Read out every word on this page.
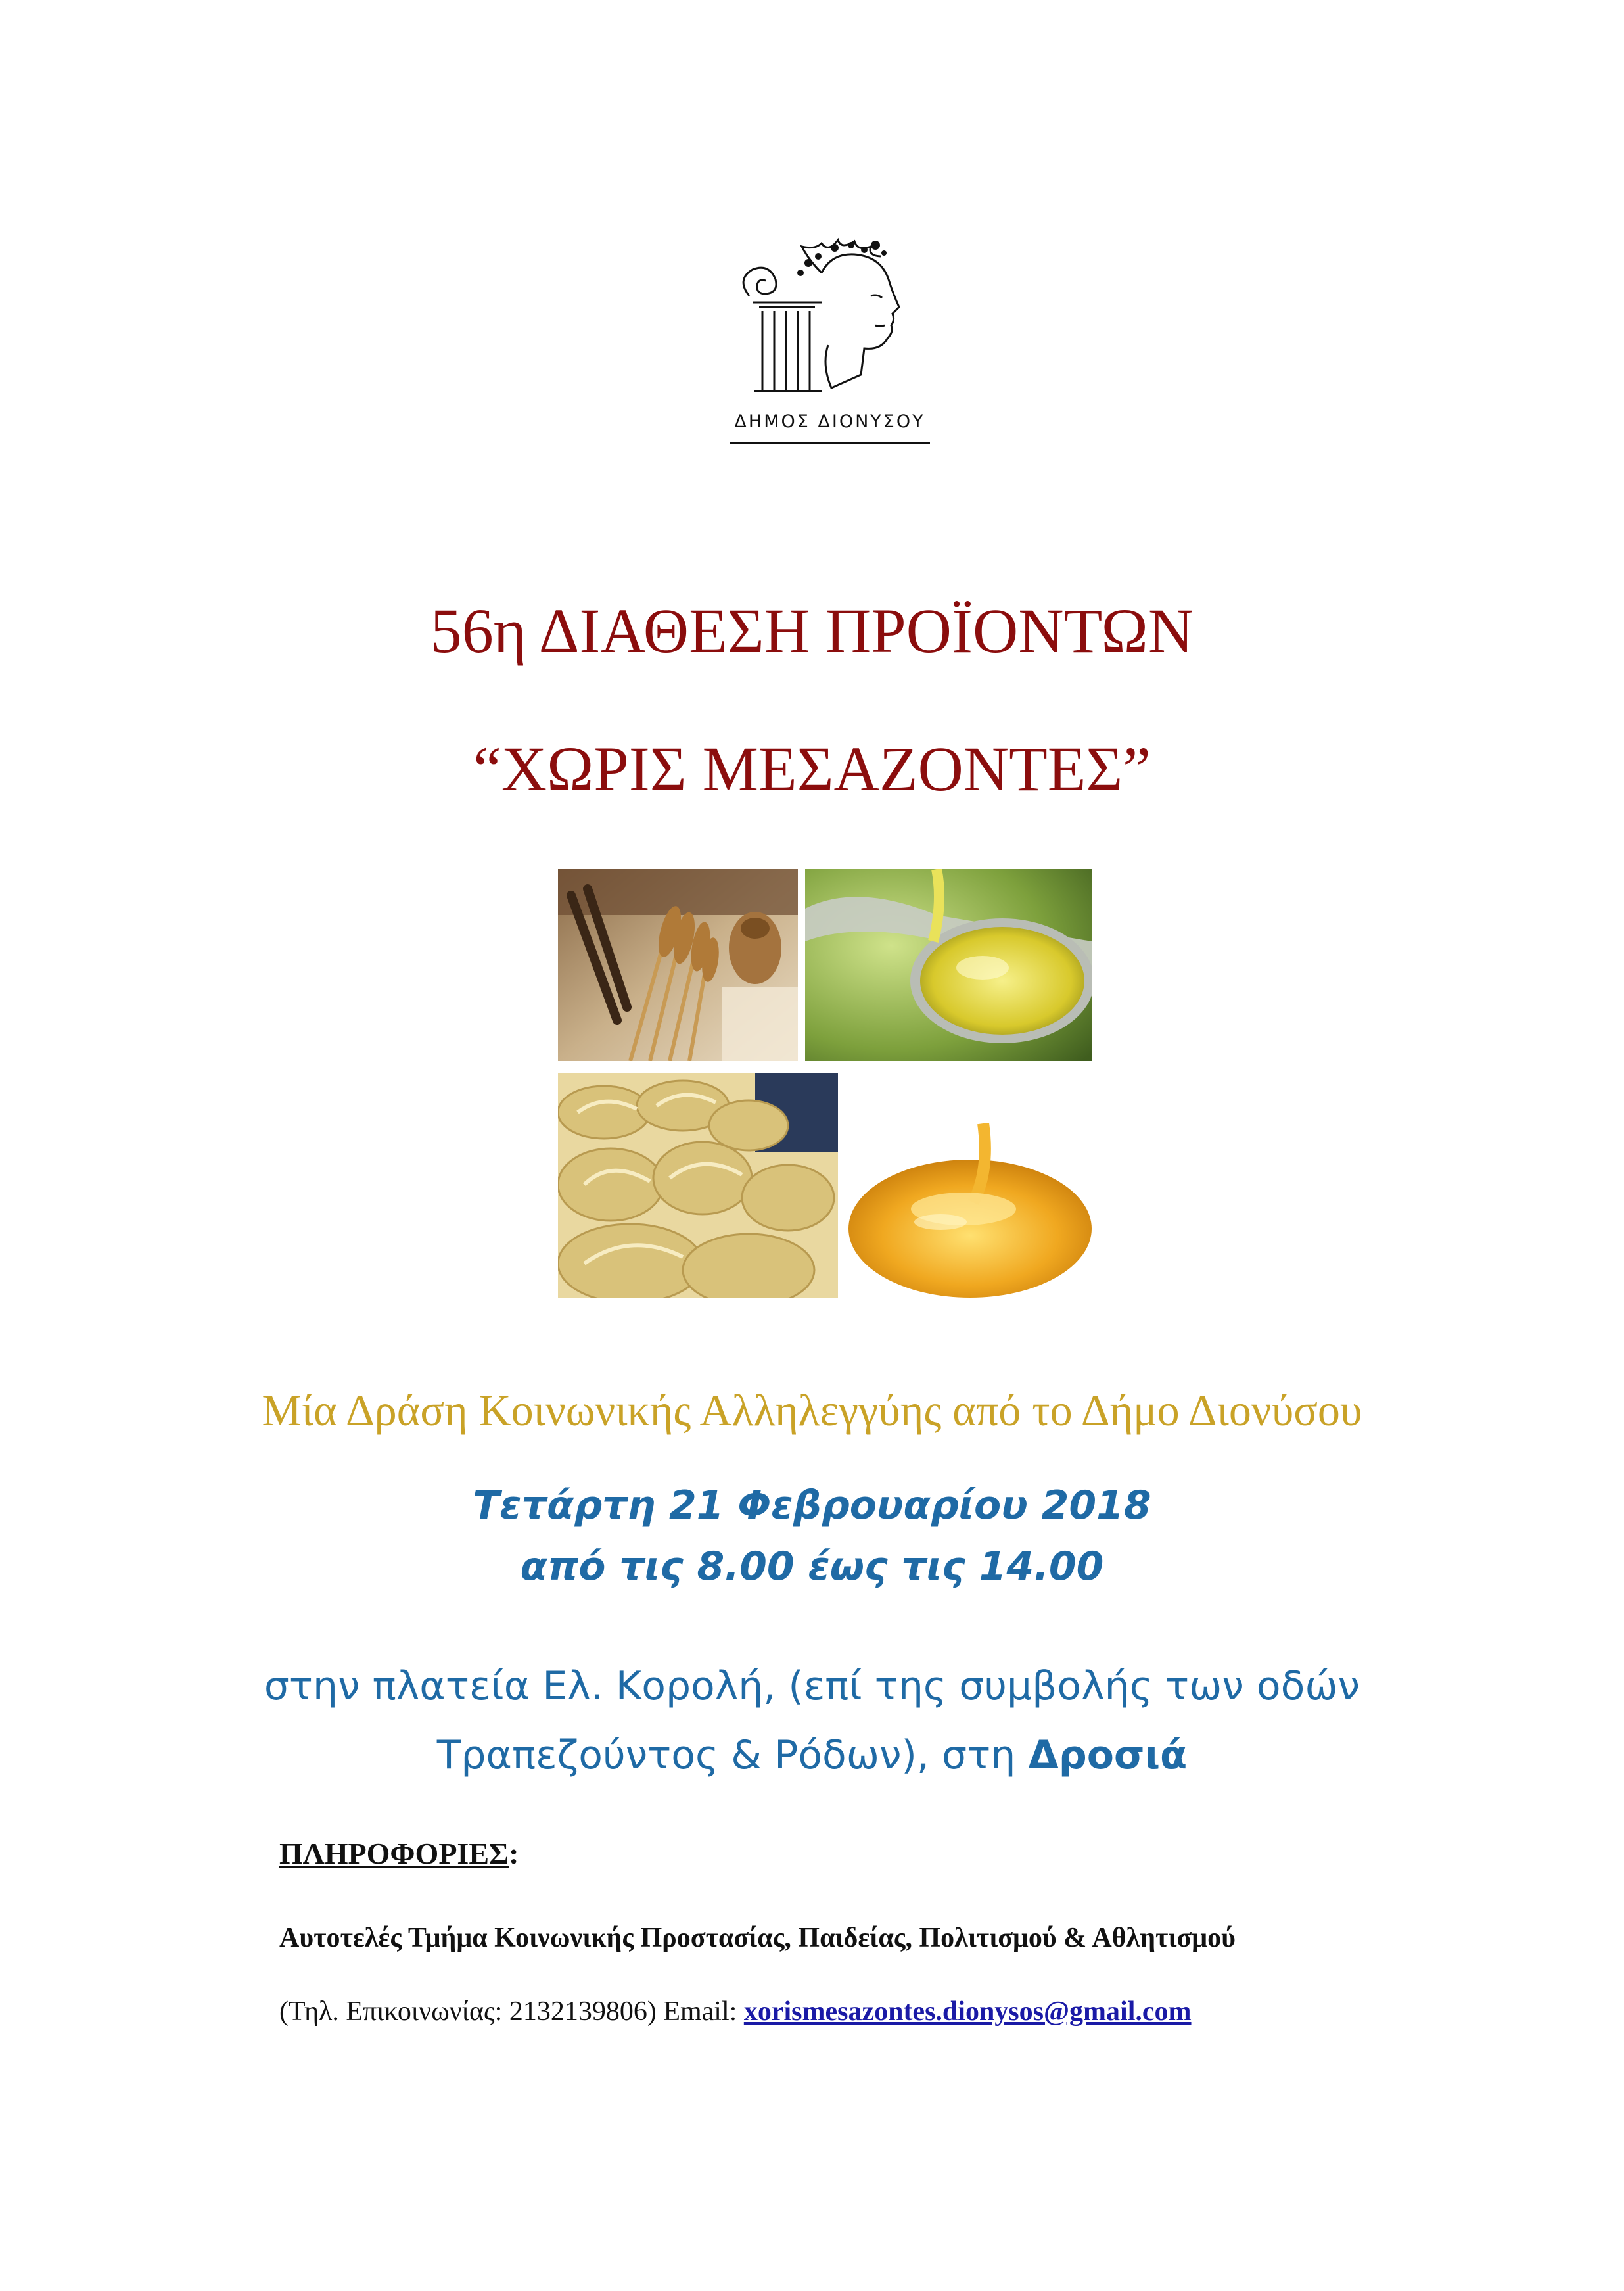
ΔΗΜΟΣ ΔΙΟΝΥΣΟΥ
56η ΔΙΑΘΕΣΗ ΠΡΟΪΟΝΤΩΝ
“ΧΩΡΙΣ ΜΕΣΑΖΟΝΤΕΣ”
Μία Δράση Κοινωνικής Αλληλεγγύης από το Δήμο Διονύσου
Τετάρτη 21 Φεβρουαρίου 2018
από τις 8.00 έως τις 14.00
στην πλατεία Ελ. Κορολή, (επί της συμβολής των οδών
Τραπεζούντος & Ρόδων), στη Δροσιά
ΠΛΗΡΟΦΟΡΙΕΣ:
Αυτοτελές Τμήμα Κοινωνικής Προστασίας, Παιδείας, Πολιτισμού & Αθλητισμού
(Τηλ. Επικοινωνίας: 2132139806) Email: xorismesazontes.dionysos@gmail.com
